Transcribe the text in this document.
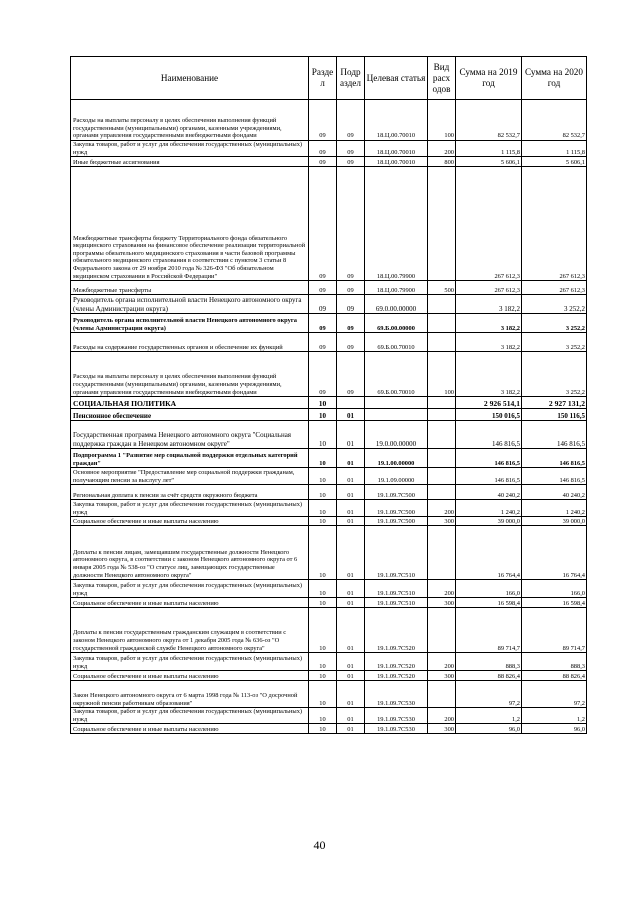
Наименование	Разде л	Подр аздел	Целевая статья	Вид расх одов	Сумма на 2019 год	Сумма на 2020 год
Расходы на выплаты персоналу в целях обеспечения выполнения функций государственными (муниципальными) органами, казенными учреждениями, органами управления государственными внебюджетными фондами	09	09	18.Ц.00.70010	100	82 532,7	82 532,7
Закупка товаров, работ и услуг для обеспечения государственных (муниципальных) нужд	09	09	18.Ц.00.70010	200	1 115,8	1 115,8
Иные бюджетные ассигнования	09	09	18.Ц.00.70010	800	5 606,1	5 606,1
Межбюджетные трансферты бюджету Территориального фонда обязательного медицинского страхования на финансовое обеспечение реализации территориальной программы обязательного медицинского страхования в части базовой программы обязательного медицинского страхования в соответствии с пунктом 3 статьи 8 Федерального закона от 29 ноября 2010 года № 326-ФЗ "Об обязательном медицинском страховании в Российской Федерации"	09	09	18.Ц.00.79900		267 612,3	267 612,3
Межбюджетные трансферты	09	09	18.Ц.00.79900	500	267 612,3	267 612,3
Руководитель органа исполнительной власти Ненецкого автономного округа (члены Администрации округа)	09	09	69.0.00.00000		3 182,2	3 252,2
Руководитель органа исполнительной власти Ненецкого автономного округа (члены Администрации округа)	09	09	69.Б.00.00000		3 182,2	3 252,2
Расходы на содержание государственных органов и обеспечение их функций	09	09	69.Б.00.70010		3 182,2	3 252,2
Расходы на выплаты персоналу в целях обеспечения выполнения функций государственными (муниципальными) органами, казенными учреждениями, органами управления государственными внебюджетными фондами	09	09	69.Б.00.70010	100	3 182,2	3 252,2
СОЦИАЛЬНАЯ ПОЛИТИКА	10				2 926 514,1	2 927 131,2
Пенсионное обеспечение	10	01			150 016,5	150 116,5
Государственная программа Ненецкого автономного округа "Социальная поддержка граждан в Ненецком автономном округе"	10	01	19.0.00.00000		146 816,5	146 816,5
Подпрограмма 1 "Развитие мер социальной поддержки отдельных категорий граждан"	10	01	19.1.00.00000		146 816,5	146 816,5
Основное мероприятие "Предоставление мер социальной поддержки гражданам, получающим пенсии за выслугу лет"	10	01	19.1.09.00000		146 816,5	146 816,5
Региональная доплата к пенсии за счёт средств окружного бюджета	10	01	19.1.09.7С500		40 240,2	40 240,2
Закупка товаров, работ и услуг для обеспечения государственных (муниципальных) нужд	10	01	19.1.09.7С500	200	1 240,2	1 240,2
Социальное обеспечение и иные выплаты населению	10	01	19.1.09.7С500	300	39 000,0	39 000,0
Доплаты к пенсии лицам, замещавшим государственные должности Ненецкого автономного округа, в соответствии с законом Ненецкого автономного округа от 6 января 2005 года № 538-оз "О статусе лиц, замещающих государственные должности Ненецкого автономного округа"	10	01	19.1.09.7С510		16 764,4	16 764,4
Закупка товаров, работ и услуг для обеспечения государственных (муниципальных) нужд	10	01	19.1.09.7С510	200	166,0	166,0
Социальное обеспечение и иные выплаты населению	10	01	19.1.09.7С510	300	16 598,4	16 598,4
Доплаты к пенсии государственным гражданским служащим в соответствии с законом Ненецкого автономного округа от 1 декабря 2005 года № 636-оз "О государственной гражданской службе Ненецкого автономного округа"	10	01	19.1.09.7С520		89 714,7	89 714,7
Закупка товаров, работ и услуг для обеспечения государственных (муниципальных) нужд	10	01	19.1.09.7С520	200	888,3	888,3
Социальное обеспечение и иные выплаты населению	10	01	19.1.09.7С520	300	88 826,4	88 826,4
Закон Ненецкого автономного округа от 6 марта 1998 года № 113-оз "О досрочной окружной пенсии работникам образования"	10	01	19.1.09.7С530		97,2	97,2
Закупка товаров, работ и услуг для обеспечения государственных (муниципальных) нужд	10	01	19.1.09.7С530	200	1,2	1,2
Социальное обеспечение и иные выплаты населению	10	01	19.1.09.7С530	300	96,0	96,0
40
